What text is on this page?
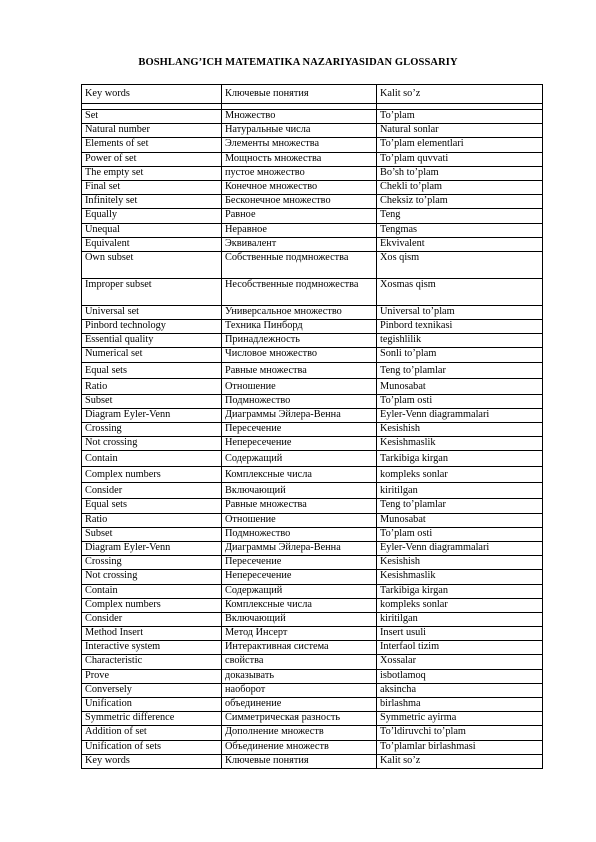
BOSHLANG’ICH MATEMATIKA NAZARIYASIDAN GLOSSARIY
Key words	Ключевые понятия	Kalit so’z

Set	Множество	To’plam
Natural number	Натуральные числа	Natural sonlar
Elements of set	Элементы множества	To’plam elementlari
Power of set	Мощность множества	To’plam quvvati
The empty set	пустое множество	Bo’sh to’plam
Final set	Конечное множество	Chekli to’plam
Infinitely set	Бесконечное множество	Cheksiz to’plam
Equally	Равное	Teng
Unequal	Неравное	Tengmas
Equivalent	Эквивалент	Ekvivalent
Own subset	Собственные подмножества	Xos qism
Improper subset	Несобственные подмножества	Xosmas qism
Universal set	Универсальное множество	Universal to’plam
Pinbord technology	Техника Пинборд	Pinbord texnikasi
Essential quality	Принадлежность	tegishlilik
Numerical set	Числовое множество	Sonli to’plam
Equal sets	Равные множества	Teng to’plamlar
Ratio	Отношение	Munosabat
Subset	Подмножество	To’plam osti
Diagram Eyler-Venn	Диаграммы Эйлера-Венна	Eyler-Venn diagrammalari
Crossing	Пересечение	Kesishish
Not crossing	Непересечение	Kesishmaslik
Contain	Содержащий	Tarkibiga kirgan
Complex numbers	Комплексные числа	kompleks sonlar
Consider	Включающий	kiritilgan
Equal sets	Равные множества	Teng to’plamlar
Ratio	Отношение	Munosabat
Subset	Подмножество	To’plam osti
Diagram Eyler-Venn	Диаграммы Эйлера-Венна	Eyler-Venn diagrammalari
Crossing	Пересечение	Kesishish
Not crossing	Непересечение	Kesishmaslik
Contain	Содержащий	Tarkibiga kirgan
Complex numbers	Комплексные числа	kompleks sonlar
Consider	Включающий	kiritilgan
Method Insert	Метод Инсерт	Insert usuli
Interactive system	Интерактивная система	Interfaol tizim
Characteristic	свойства	Xossalar
Prove	доказывать	isbotlamoq
Conversely	наоборот	aksincha
Unification	объединение	birlashma
Symmetric difference	Симметрическая разность	Symmetric ayirma
Addition of set	Дополнение множеств	To’ldiruvchi to’plam
Unification of sets	Объединение множеств	To’plamlar birlashmasi
Key words	Ключевые понятия	Kalit so’z
